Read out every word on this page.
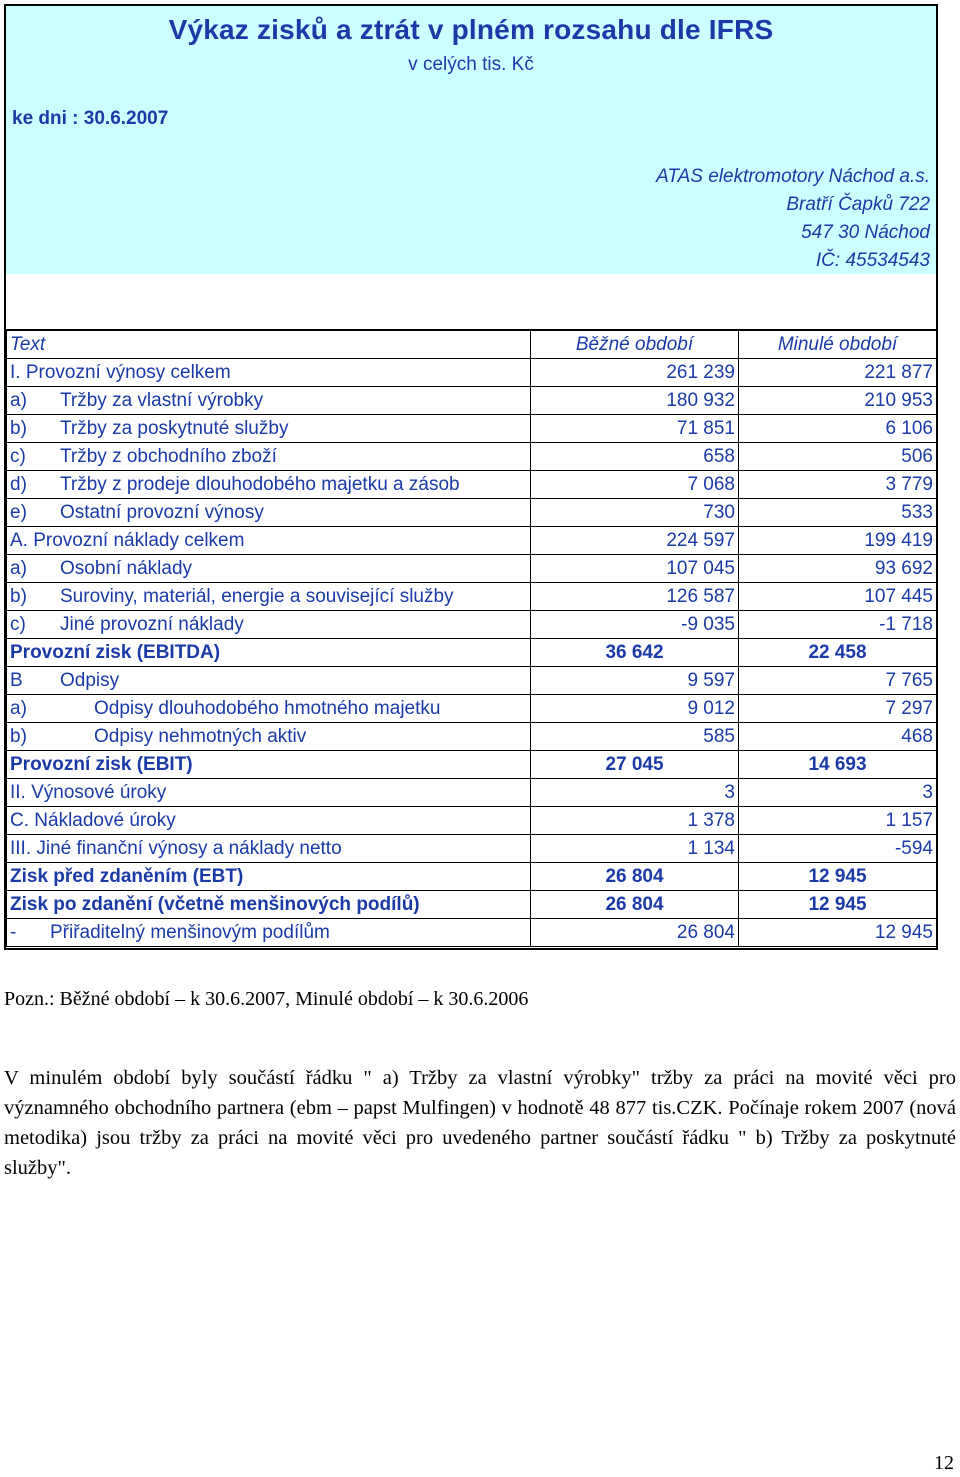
Výkaz zisků a ztrát v plném rozsahu dle IFRS
v celých tis. Kč
ke dni : 30.6.2007
ATAS elektromotory Náchod a.s.
Bratří Čapků 722
547 30 Náchod
IČ: 45534543
Text	Běžné období	Minulé období
I. Provozní výnosy celkem	261 239	221 877
a) Tržby za vlastní výrobky	180 932	210 953
b) Tržby za poskytnuté služby	71 851	6 106
c) Tržby z obchodního zboží	658	506
d) Tržby z prodeje dlouhodobého majetku a zásob	7 068	3 779
e) Ostatní provozní výnosy	730	533
A. Provozní náklady celkem	224 597	199 419
a) Osobní náklady	107 045	93 692
b) Suroviny, materiál, energie a související služby	126 587	107 445
c) Jiné provozní náklady	-9 035	-1 718
Provozní zisk (EBITDA)	36 642	22 458
B Odpisy	9 597	7 765
a) Odpisy dlouhodobého hmotného majetku	9 012	7 297
b) Odpisy nehmotných aktiv	585	468
Provozní zisk (EBIT)	27 045	14 693
II. Výnosové úroky	3	3
C. Nákladové úroky	1 378	1 157
III. Jiné finanční výnosy a náklady netto	1 134	-594
Zisk před zdaněním (EBT)	26 804	12 945
Zisk po zdanění (včetně menšinových podílů)	26 804	12 945
- Přiřaditelný menšinovým podílům	26 804	12 945
Pozn.: Běžné období – k 30.6.2007, Minulé období – k 30.6.2006
V minulém období byly součástí řádku " a) Tržby za vlastní výrobky" tržby za práci na movité věci pro významného obchodního partnera (ebm – papst Mulfingen) v hodnotě 48 877 tis.CZK. Počínaje rokem 2007 (nová metodika) jsou tržby za práci na movité věci pro uvedeného partner součástí řádku " b) Tržby za poskytnuté služby".
12
